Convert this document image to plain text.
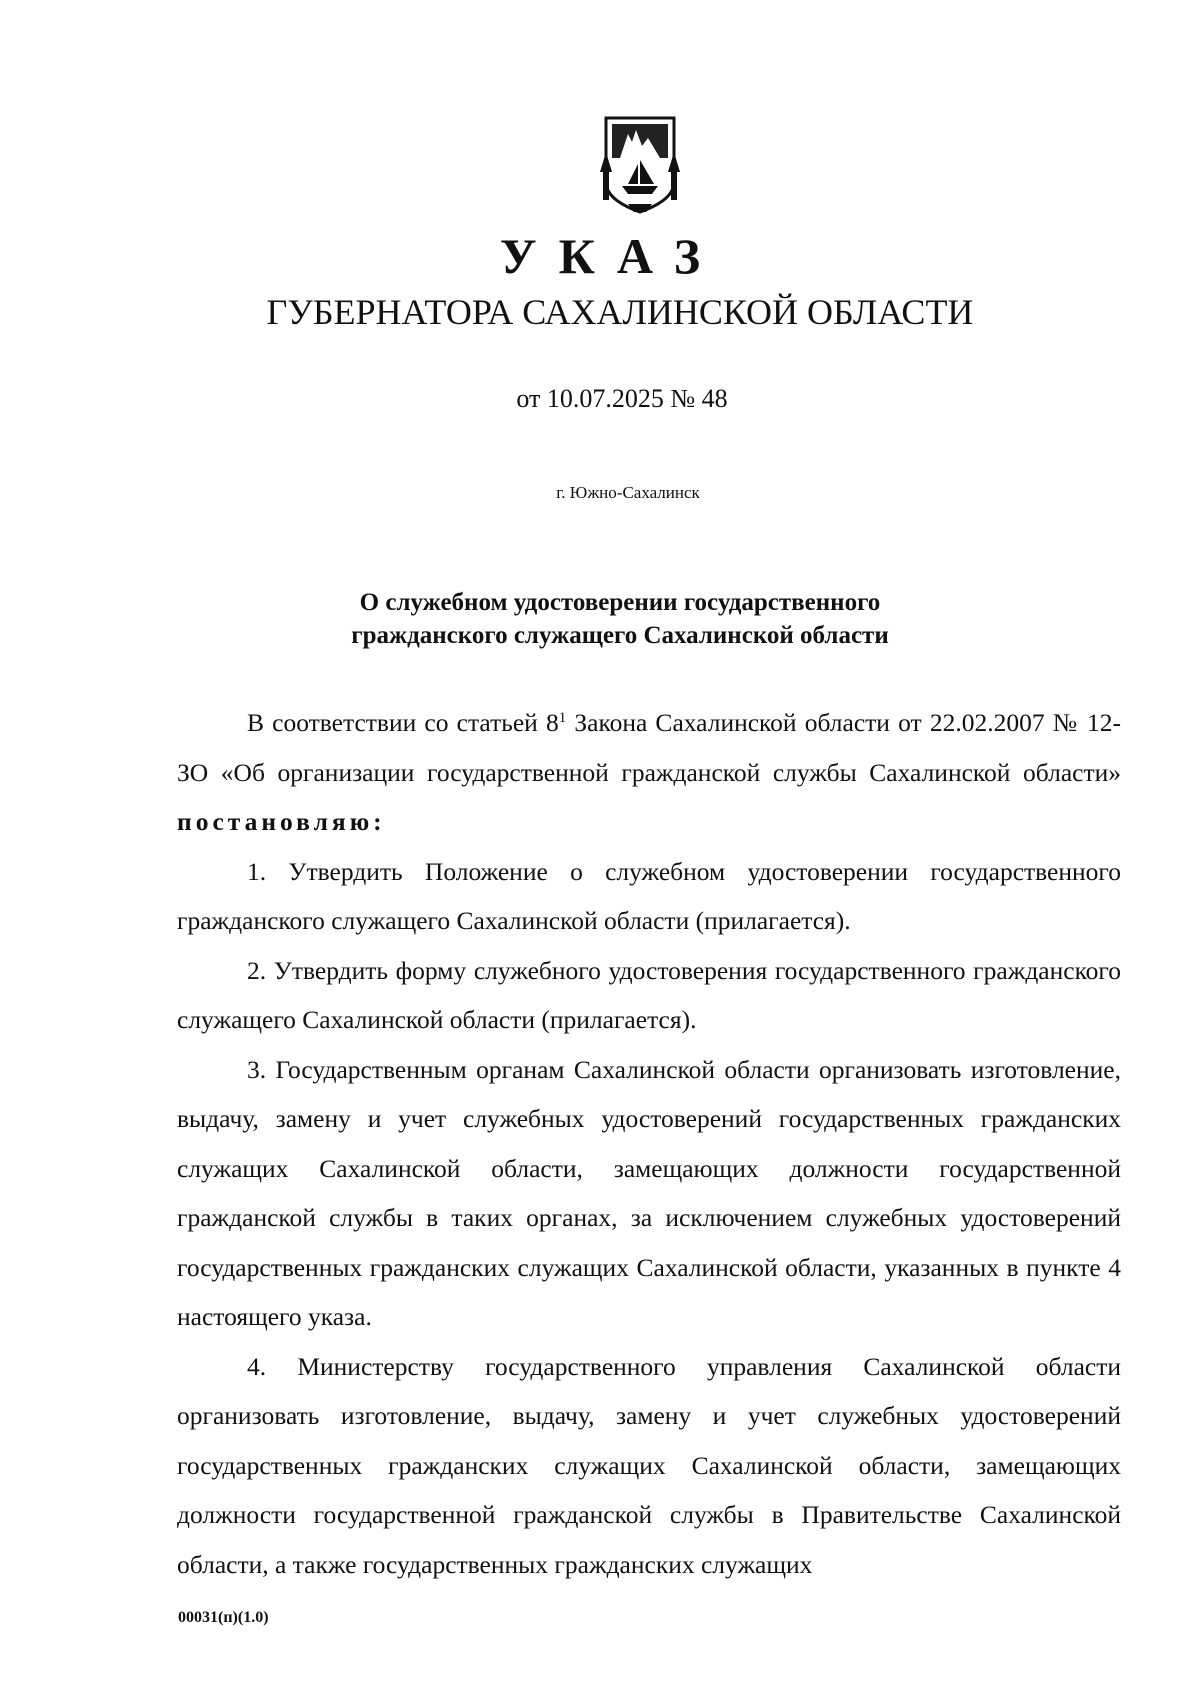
УКАЗ
ГУБЕРНАТОРА САХАЛИНСКОЙ ОБЛАСТИ
от 10.07.2025 № 48
г. Южно-Сахалинск
О служебном удостоверении государственного
гражданского служащего Сахалинской области

В соответствии со статьей $8^1$ Закона Сахалинской области от 22.02.2007 № 12-ЗО «Об организации государственной гражданской службы Сахалинской области» постановляю:

1. Утвердить Положение о служебном удостоверении государственного гражданского служащего Сахалинской области (прилагается).

2. Утвердить форму служебного удостоверения государственного гражданского служащего Сахалинской области (прилагается).

3. Государственным органам Сахалинской области организовать изготовление, выдачу, замену и учет служебных удостоверений государственных гражданских служащих Сахалинской области, замещающих должности государственной гражданской службы в таких органах, за исключением служебных удостоверений государственных гражданских служащих Сахалинской области, указанных в пункте 4 настоящего указа.

4. Министерству государственного управления Сахалинской области организовать изготовление, выдачу, замену и учет служебных удостоверений государственных гражданских служащих Сахалинской области, замещающих должности государственной гражданской службы в Правительстве Сахалинской области, а также государственных гражданских служащих

00031(п)(1.0)
